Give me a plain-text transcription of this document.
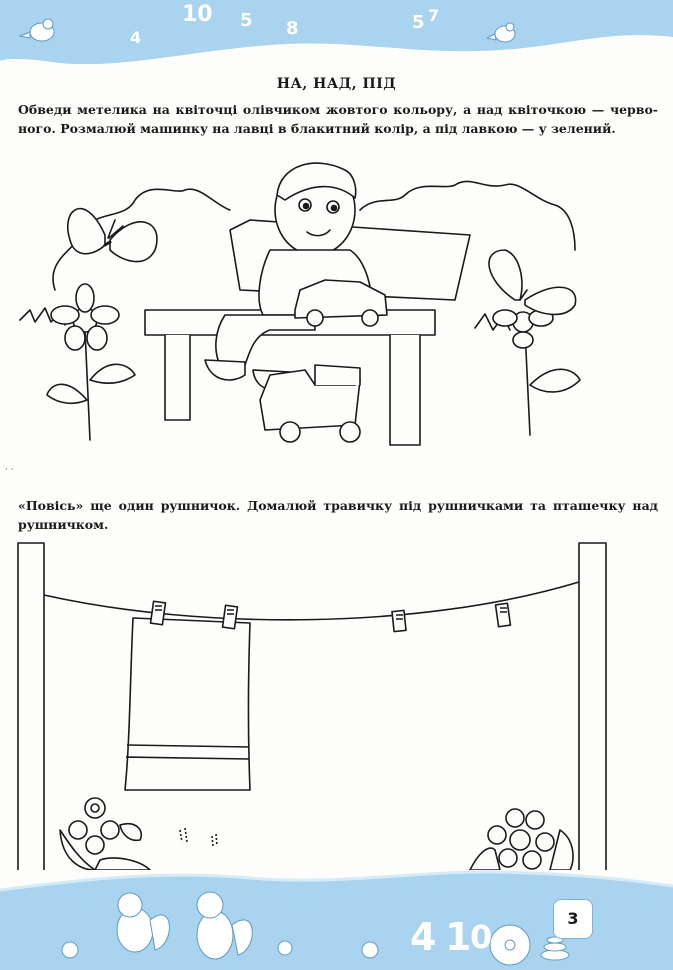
4
10 5 8	5 7
НА, НАД, ПІД
Обведи метелика на квіточці олівчиком жовтого кольору, а над квіточкою — черво-ного. Розмалюй машинку на лавці в блакитний колір, а під лавкою — у зелений.
· ·
«Повісь» ще один рушничок. Домалюй травичку під рушничками та пташечку над рушничком.
4 1
0	3
